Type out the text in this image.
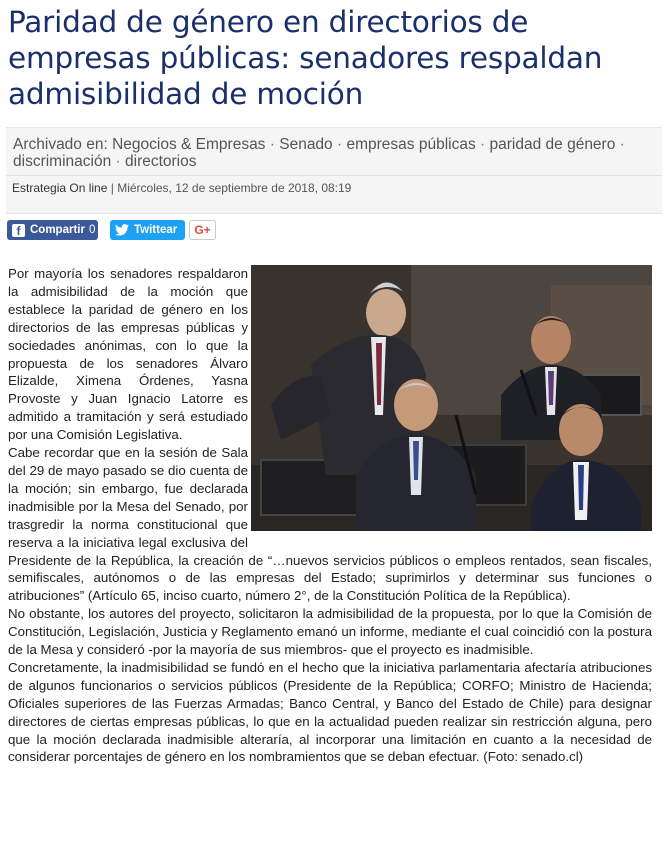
Paridad de género en directorios de empresas públicas: senadores respaldan admisibilidad de moción
Archivado en: Negocios & Empresas · Senado · empresas públicas · paridad de género · discriminación · directorios
Estrategia On line | Miércoles, 12 de septiembre de 2018, 08:19
f Compartir 0	Twittear G+

Por mayoría los senadores respaldaron la admisibilidad de la moción que establece la paridad de género en los directorios de las empresas públicas y sociedades anónimas, con lo que la propuesta de los senadores Álvaro Elizalde, Ximena Órdenes, Yasna Provoste y Juan Ignacio Latorre es admitido a tramitación y será estudiado por una Comisión Legislativa.

Cabe recordar que en la sesión de Sala del 29 de mayo pasado se dio cuenta de la moción; sin embargo, fue declarada inadmisible por la Mesa del Senado, por trasgredir la norma constitucional que reserva a la iniciativa legal exclusiva del Presidente de la República, la creación de “…nuevos servicios públicos o empleos rentados, sean fiscales, semifiscales, autónomos o de las empresas del Estado; suprimirlos y determinar sus funciones o atribuciones” (Artículo 65, inciso cuarto, número 2°, de la Constitución Política de la República).

No obstante, los autores del proyecto, solicitaron la admisibilidad de la propuesta, por lo que la Comisión de Constitución, Legislación, Justicia y Reglamento emanó un informe, mediante el cual coincidió con la postura de la Mesa y consideró -por la mayoría de sus miembros- que el proyecto es inadmisible.

Concretamente, la inadmisibilidad se fundó en el hecho que la iniciativa parlamentaria afectaría atribuciones de algunos funcionarios o servicios públicos (Presidente de la República; CORFO; Ministro de Hacienda; Oficiales superiores de las Fuerzas Armadas; Banco Central, y Banco del Estado de Chile) para designar directores de ciertas empresas públicas, lo que en la actualidad pueden realizar sin restricción alguna, pero que la moción declarada inadmisible alteraría, al incorporar una limitación en cuanto a la necesidad de considerar porcentajes de género en los nombramientos que se deban efectuar. (Foto: senado.cl)
